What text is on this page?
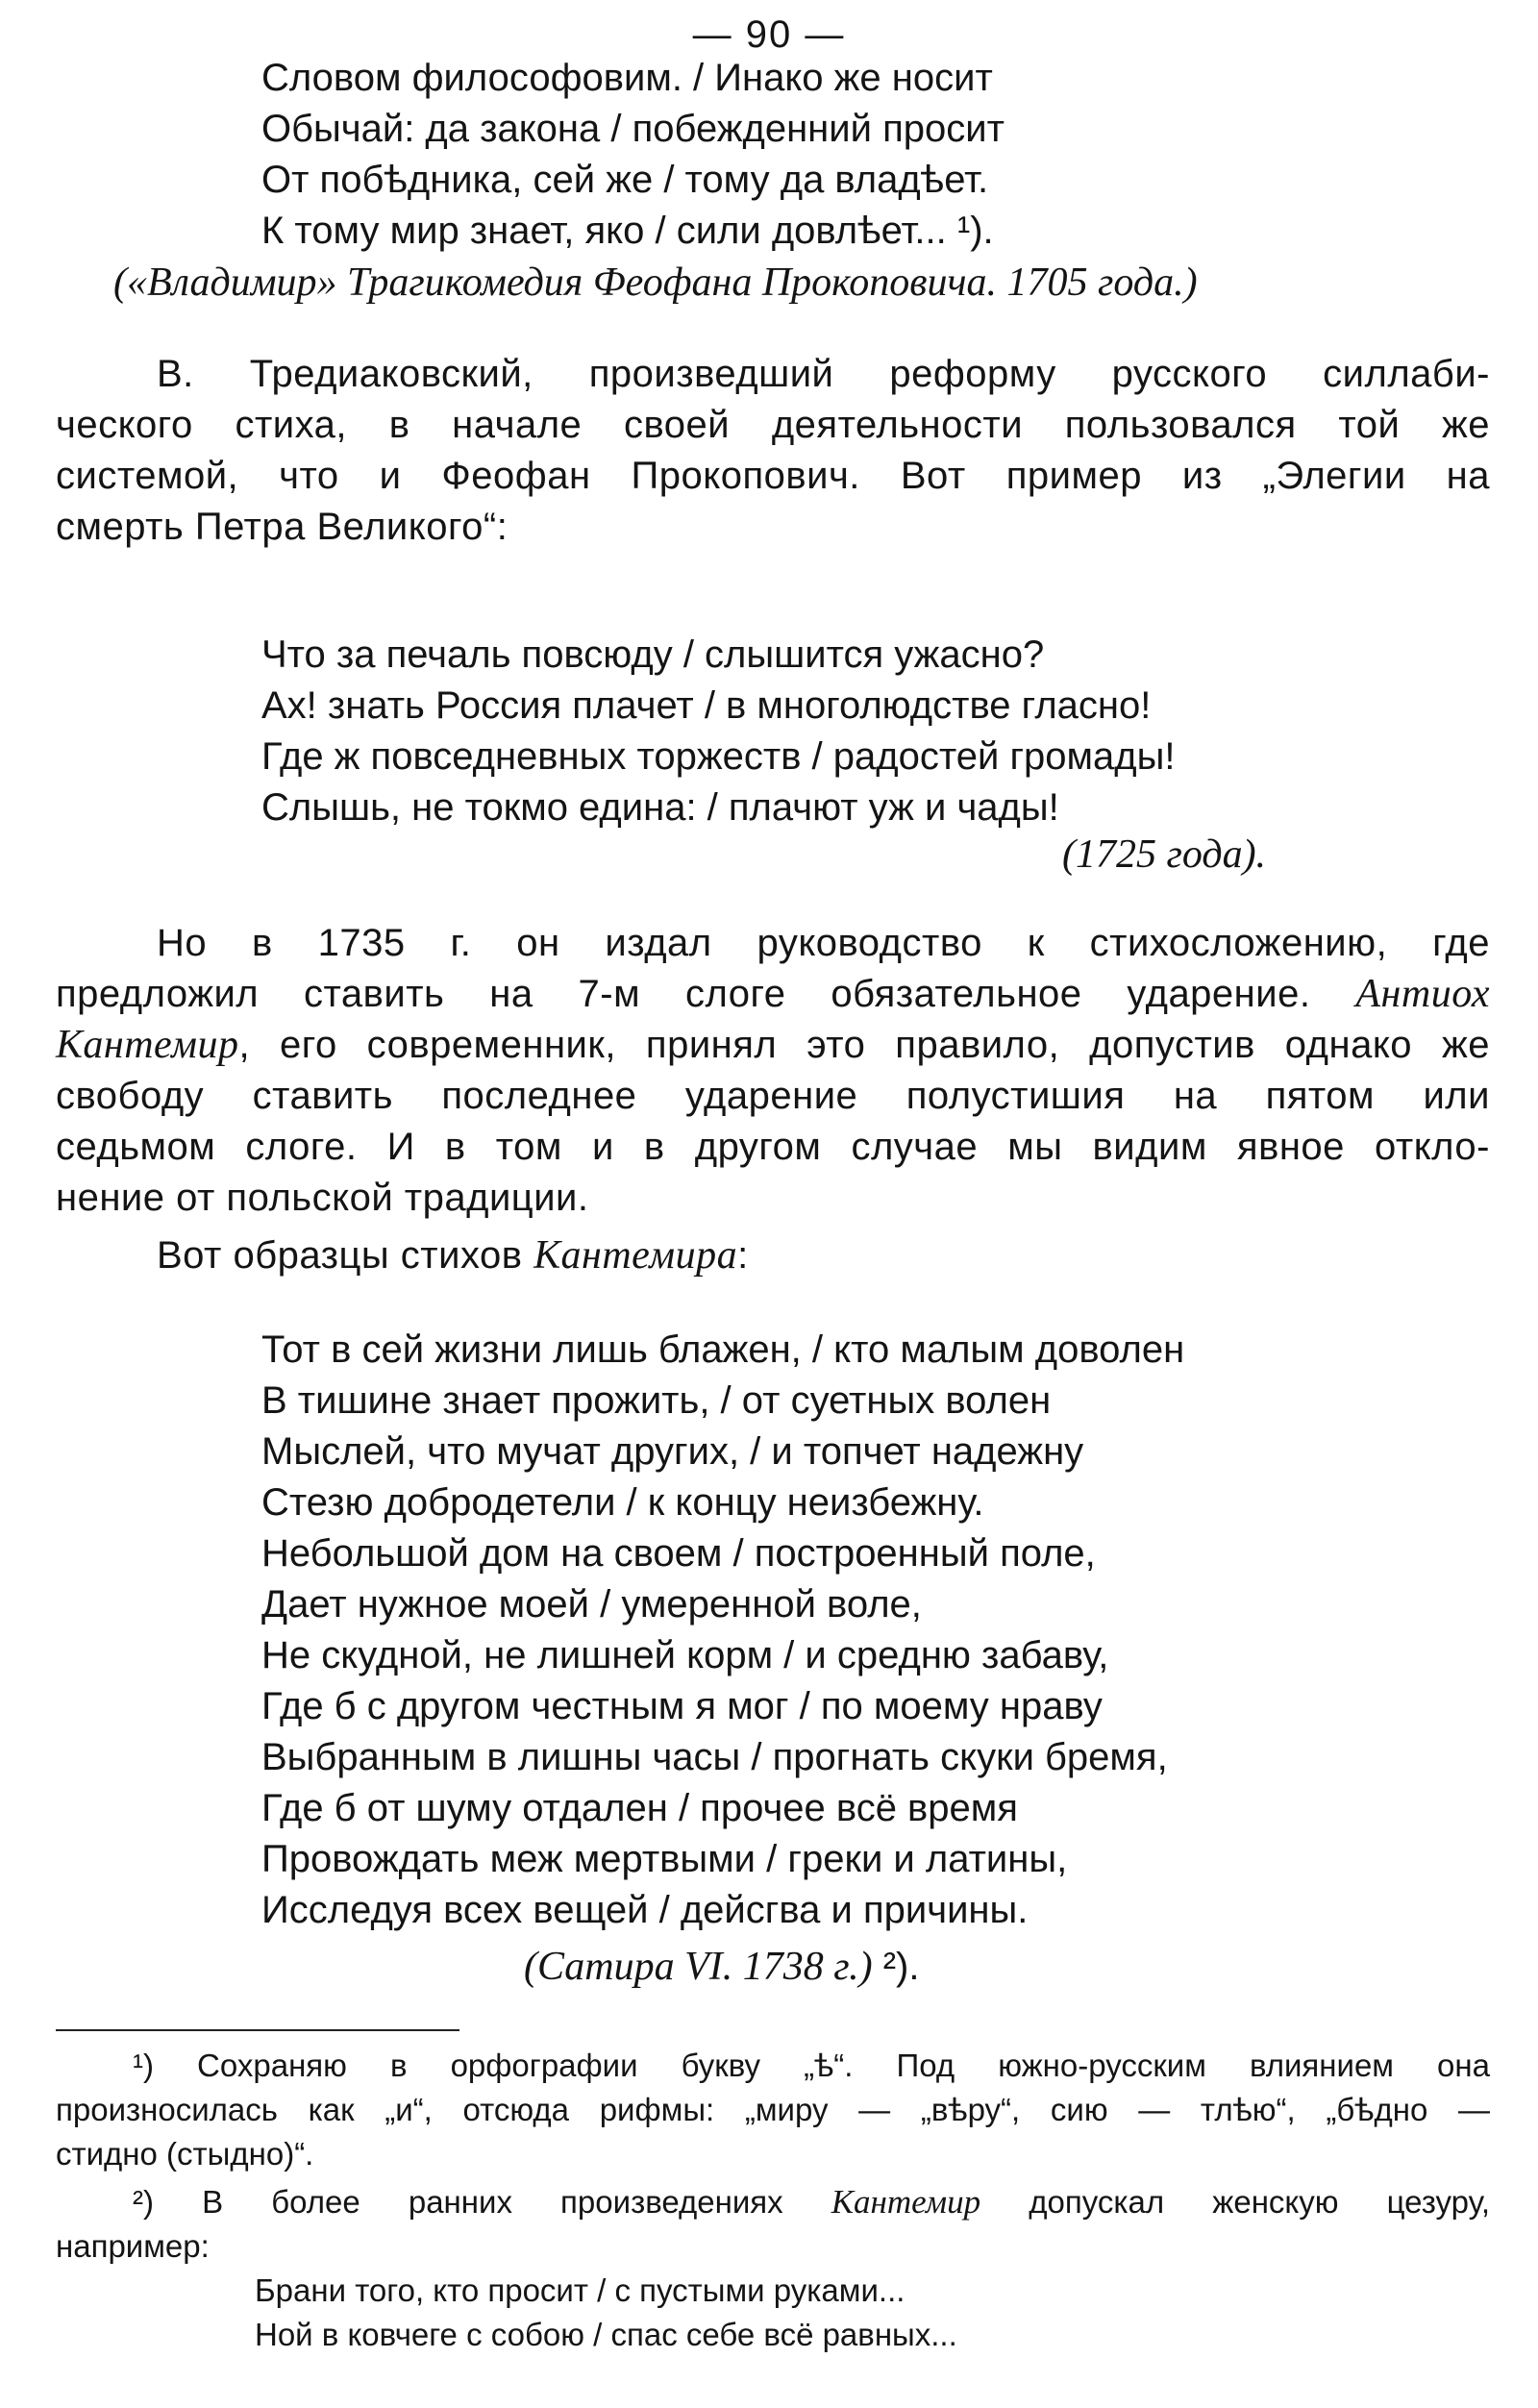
— 90 —
Словом философовим. / Инако же носит
Обычай: да закона / побежденний просит
От побѣдника, сей же / тому да владѣет.
К тому мир знает, яко / сили довлѣет... ¹).
(«Владимир» Трагикомедия Феофана Прокоповича. 1705 года.)
В. Тредиаковский, произведший реформу русского силлаби-
ческого стиха, в начале своей деятельности пользовался той же
системой, что и Феофан Прокопович. Вот пример из „Элегии на
смерть Петра Великого“:
Что за печаль повсюду / слышится ужасно?
Ах! знать Россия плачет / в многолюдстве гласно!
Где ж повседневных торжеств / радостей громады!
Слышь, не токмо едина: / плачют уж и чады!
(1725 года).
Но в 1735 г. он издал руководство к стихосложению, где
предложил ставить на 7-м слоге обязательное ударение. Антиох
Кантемир, его современник, принял это правило, допустив однако же
свободу ставить последнее ударение полустишия на пятом или
седьмом слоге. И в том и в другом случае мы видим явное откло-
нение от польской традиции.
Вот образцы стихов Кантемира:
Тот в сей жизни лишь блажен, / кто малым доволен
В тишине знает прожить, / от суетных волен
Мыслей, что мучат других, / и топчет надежну
Стезю добродетели / к концу неизбежну.
Небольшой дом на своем / построенный поле,
Дает нужное моей / умеренной воле,
Не скудной, не лишней корм / и средню забаву,
Где б с другом честным я мог / по моему нраву
Выбранным в лишны часы / прогнать скуки бремя,
Где б от шуму отдален / прочее всё время
Провождать меж мертвыми / греки и латины,
Исследуя всех вещей / дейсгва и причины.
(Сатира VI. 1738 г.) ²).
¹) Сохраняю в орфографии букву „ѣ“. Под южно-русским влиянием она
произносилась как „и“, отсюда рифмы: „миру — „вѣру“, сию — тлѣю“, „бѣдно —
стидно (стыдно)“.
²) В более ранних произведениях Кантемир допускал женскую цезуру,
например:
Брани того, кто просит / с пустыми руками...
Ной в ковчеге с собою / спас себе всё равных...
